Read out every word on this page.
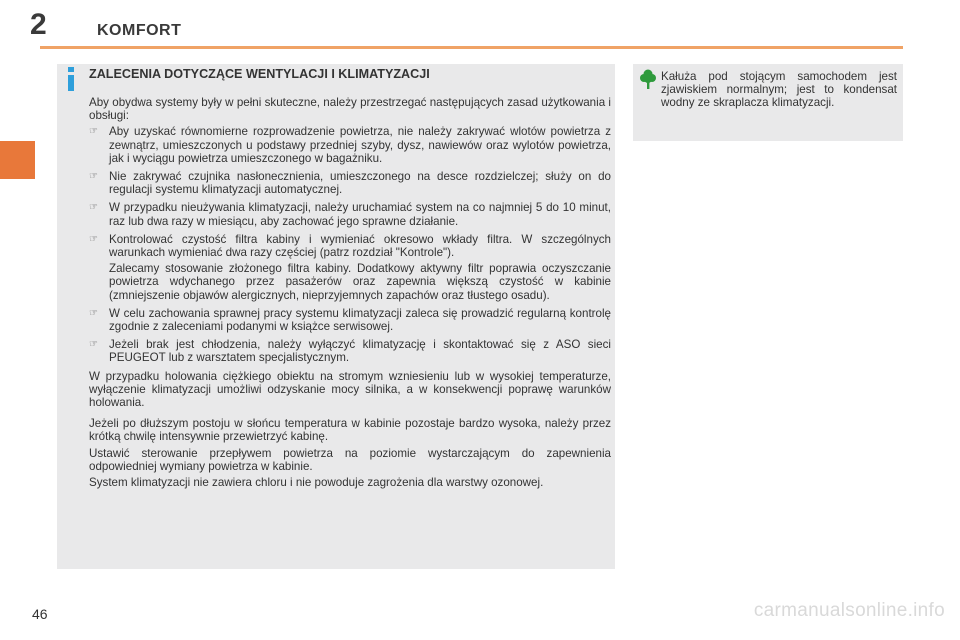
2	KOMFORT
ZALECENIA DOTYCZĄCE WENTYLACJI I KLIMATYZACJI

Aby obydwa systemy były w pełni skuteczne, należy przestrzegać następujących zasad użytkowania i obsługi:

☞ Aby uzyskać równomierne rozprowadzenie powietrza, nie należy zakrywać wlotów powietrza z zewnątrz, umieszczonych u podstawy przedniej szyby, dysz, nawiewów oraz wylotów powietrza, jak i wyciągu powietrza umieszczonego w bagażniku.
☞ Nie zakrywać czujnika nasłonecznienia, umieszczonego na desce rozdzielczej; służy on do regulacji systemu klimatyzacji automatycznej.
☞ W przypadku nieużywania klimatyzacji, należy uruchamiać system na co najmniej 5 do 10 minut, raz lub dwa razy w miesiącu, aby zachować jego sprawne działanie.
☞ Kontrolować czystość filtra kabiny i wymieniać okresowo wkłady filtra. W szczególnych warunkach wymieniać dwa razy częściej (patrz rozdział "Kontrole").
Zalecamy stosowanie złożonego filtra kabiny. Dodatkowy aktywny filtr poprawia oczyszczanie powietrza wdychanego przez pasażerów oraz zapewnia większą czystość w kabinie (zmniejszenie objawów alergicznych, nieprzyjemnych zapachów oraz tłustego osadu).
☞ W celu zachowania sprawnej pracy systemu klimatyzacji zaleca się prowadzić regularną kontrolę zgodnie z zaleceniami podanymi w książce serwisowej.
☞ Jeżeli brak jest chłodzenia, należy wyłączyć klimatyzację i skontaktować się z ASO sieci PEUGEOT lub z warsztatem specjalistycznym.

W przypadku holowania ciężkiego obiektu na stromym wzniesieniu lub w wysokiej temperaturze, wyłączenie klimatyzacji umożliwi odzyskanie mocy silnika, a w konsekwencji poprawę warunków holowania.

Jeżeli po dłuższym postoju w słońcu temperatura w kabinie pozostaje bardzo wysoka, należy przez krótką chwilę intensywnie przewietrzyć kabinę.

Ustawić sterowanie przepływem powietrza na poziomie wystarczającym do zapewnienia odpowiedniej wymiany powietrza w kabinie.

System klimatyzacji nie zawiera chloru i nie powoduje zagrożenia dla warstwy ozonowej.

Kałuża pod stojącym samochodem jest zjawiskiem normalnym; jest to kondensat wodny ze skraplacza klimatyzacji.
46	carmanualsonline.info
